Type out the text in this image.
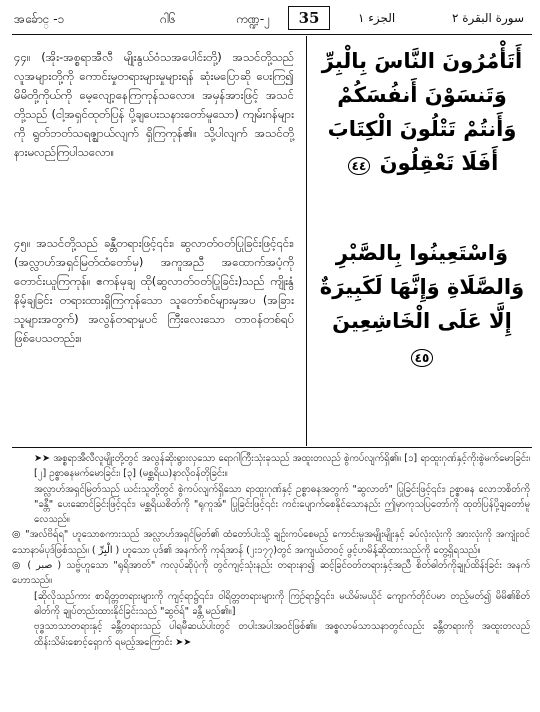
အခ်ောင္ -၁	ဂါ၆	ကဏ္ဍ-၂	35	الجزء ١	سورة البقرة ٢
၄၄။ (အိုး-အစ္စရာအီလီ မျိုးနွယ်ဝံသအပေါင်းတို့) အသင်တို့သည် လူအများတို့ကို ကောင်းမှုတရားများမှုများရန် ဆုံးမပြောဆို ပေးကြ၍ မိမိတို့ကိုယ်ကို မေ့လျော့နေကြကုန်သလော။ အမှန်အားဖြင့် အသင်တို့သည် (ငါ့အရှင်ထုတ်ပြန် ပို့ချပေးသနားတော်မူသော) ကျမ်းဂန်များကို ရွတ်ဘတ်သရဇ္ဈာယ်လျက် ရှိကြကုန်၏။ သို့ပါလျက် အသင်တို့ နားမလည်ကြပါသလော။
أَتَأْمُرُونَ النَّاسَ بِالْبِرِّ وَتَنسَوْنَ أَنفُسَكُمْ وَأَنتُمْ تَتْلُونَ الْكِتَابَ أَفَلَا تَعْقِلُونَ ٤٤
၄၅။ အသင်တို့သည် ခန္တီတရားဖြင့်၎င်း၊ ဆွလာတ်ဝတ်ပြုခြင်းဖြင့်၎င်း၊ (အလ္လာဟ်အရှင်မြတ်ထံတော်မှ) အကူအညီ အထောက်အပံ့ကို တောင်းယူကြကုန်။ ဧကန်မုချ ထို(ဆွလာတ်ဝတ်ပြုခြင်း)သည် ကျိုးနွံနိမ့်ချခြင်း တရားထားရှိကြကုန်သော သူတော်စင်များမှအပ (အခြား သူများအတွက်) အလွန်တရာမှုပင် ကြီးလေးသော တာဝန်တစ်ရပ် ဖြစ်ပေသတည်း။
وَاسْتَعِينُوا بِالصَّبْرِ وَالصَّلَاةِ وَإِنَّهَا لَكَبِيرَةٌ إِلَّا عَلَى الْخَاشِعِينَ ٤٥

➤➤ အစ္စရာအီလီလူမျိုးတို့တွင် အလွန်ဆိုးရွားလှသော ရောဂါကြီးသုံးခုသည် အထူးတလည် စွဲကပ်လျက်ရှိ၏။ [၁] ရာထူးဂုဏ်နှင့်ကိုးစွဲမက်မောခြင်း၊ [၂] ဥစ္စာဓနမက်မောခြင်း၊ [၃] (မစ္ဆရိယ)နာလိုဝန်တိုခြင်း။

အလ္လာဟ်အရှင်မြတ်သည် ယင်းသူတို့တွင် စွဲကပ်လျက်ရှိသော ရာထူးဂုဏ်နှင့် ဥစ္စာဓနအတွက် "ဆွလာတ်" ပြုခြင်းဖြင့်၎င်း၊ ဥစ္စာဓန လောဘစိတ်ကို "ခန္တီ" ပေးဆောင်ခြင်းဖြင့်၎င်း၊ မစ္ဆရိယစိတ်ကို "ရုကူအ်" ပြုခြင်းဖြင့်၎င်း ကင်းပျောက်စေနိုင်သောနည်း ဤမှာကုသပြတော်ကို ထုတ်ပြန်ပို့ချတော်မူလေသည်။

◎ "အလ်ဗိရ်ရ" ဟူသောစကားသည် အလ္လာဟ်အရှင်မြတ်၏ ထံတော်ပါးသို့ ချဉ်းကပ်စေမည့် ကောင်းမှုအမျိုးမျိုးနှင့် ခပ်လုံးလုံးကို အားလုံးကို အကျုံးဝင်သောနာမ်ပုဒ်ဖြစ်သည်။ ( الْبِرِّ ) ဟူသော ပုဒ်၏ အနက်ကို ကုရ်အာန် (၂း၁၇၇)တွင် အကျယ်တဝင့် ဖွင့်ဟမိန့်ဆိုထားသည်ကို တွေ့ရှိရသည်။

◎ ( صبر ) သဗ္ဗ်ဟူသော "ရုရိအာတ်" ကလုပ်ဆိုပုံကို တွင်ကျင့်သုံးနည်း တရားနာ၍ ဆင့်ခြင်ဝတ်တရားနှင့်အညီ စိတ်ဓါတ်ကိုချုပ်ထိန်းခြင်း အနက်ဟောသည်။

[ဆိုလိုသည်ကား စာရိတ္တတရားများကို ကျင့်ရာ၌၎င်း၊ ဝါရိတ္တတရားများကို ကြဉ်ရာ၌၎င်း၊ မယိမ်းမယိုင် ကျောက်တိုင်ပမာ တည့်မတ်၍ မိမိ၏စိတ်ဓါတ်ကို ချုပ်တည်းထားနိုင်ခြင်းသည် "ဆွဗ်ရ်" ခန္တီ မည်၏။]

ဗုဒ္ဓသာသာတရားနှင့် ခန္တီတရားသည် ပါရမီဆယ်ပါးတွင် တပါးအပါအဝင်ဖြစ်၏။ အစ္စလာမ်သာသနာတွင်လည်း ခန္တီတရားကို အထူးတလည် ထိန်းသိမ်းစောင့်ရှောက် ရမည့်အကြောင်း ➤➤
